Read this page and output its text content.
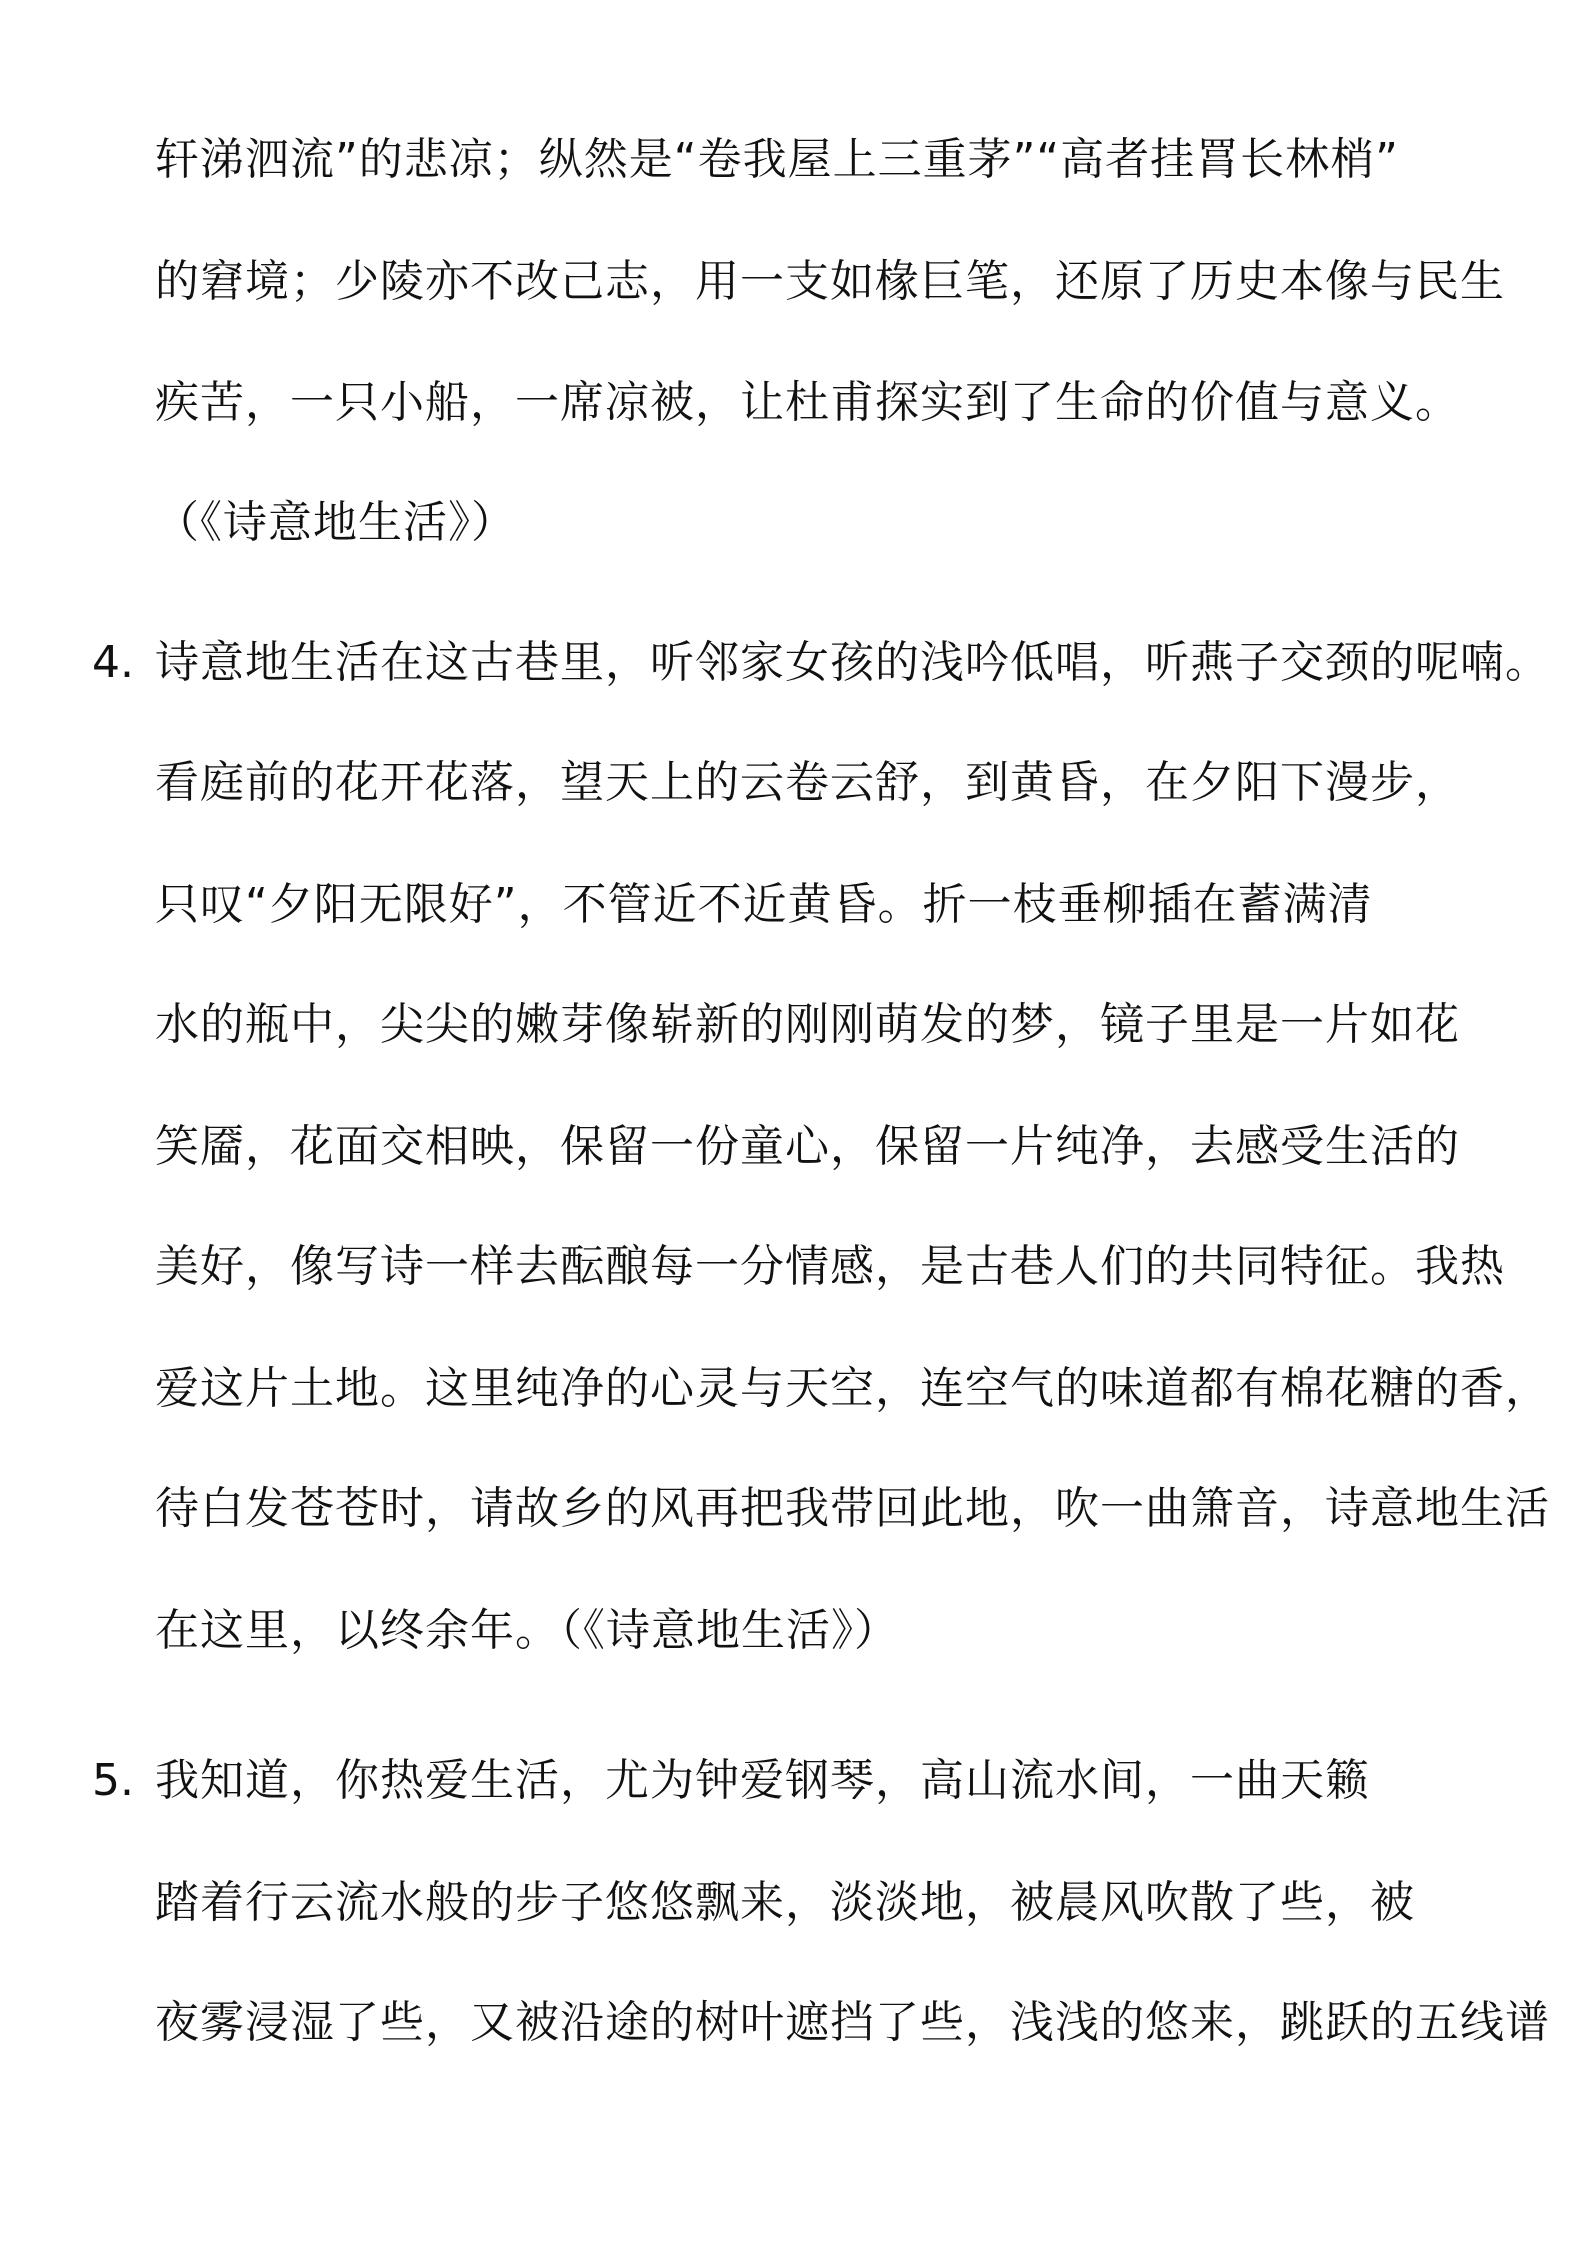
轩涕泗流”的悲凉；纵然是“卷我屋上三重茅”“高者挂罥长林梢”
的窘境；少陵亦不改己志，用一支如椽巨笔，还原了历史本像与民生
疾苦，一只小船，一席凉被，让杜甫探实到了生命的价值与意义。
（《诗意地生活》）
4. 诗意地生活在这古巷里，听邻家女孩的浅吟低唱，听燕子交颈的呢喃。
看庭前的花开花落，望天上的云卷云舒，到黄昏，在夕阳下漫步，
只叹“夕阳无限好”，不管近不近黄昏。折一枝垂柳插在蓄满清
水的瓶中，尖尖的嫩芽像崭新的刚刚萌发的梦，镜子里是一片如花
笑靥，花面交相映，保留一份童心，保留一片纯净，去感受生活的
美好，像写诗一样去酝酿每一分情感，是古巷人们的共同特征。我热
爱这片土地。这里纯净的心灵与天空，连空气的味道都有棉花糖的香，
待白发苍苍时，请故乡的风再把我带回此地，吹一曲箫音，诗意地生活
在这里，以终余年。（《诗意地生活》）
5. 我知道，你热爱生活，尤为钟爱钢琴，高山流水间，一曲天籁
踏着行云流水般的步子悠悠飘来，淡淡地，被晨风吹散了些，被
夜雾浸湿了些，又被沿途的树叶遮挡了些，浅浅的悠来，跳跃的五线谱
